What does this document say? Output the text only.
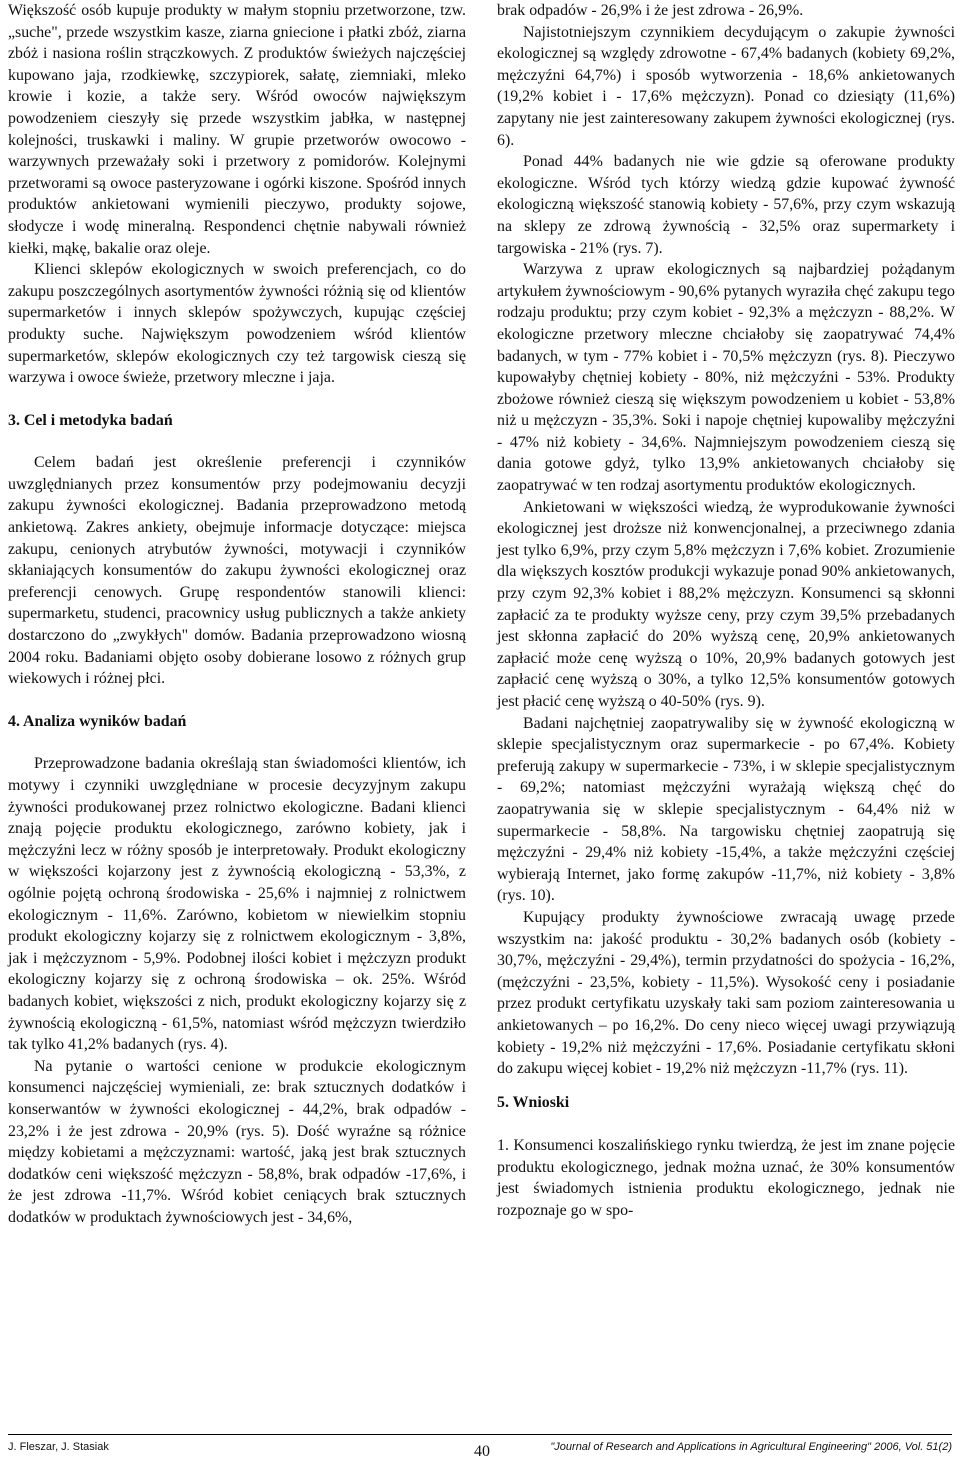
Większość osób kupuje produkty w małym stopniu przetworzone, tzw. „suche", przede wszystkim kasze, ziarna gniecione i płatki zbóż, ziarna zbóż i nasiona roślin strączkowych. Z produktów świeżych najczęściej kupowano jaja, rzodkiewkę, szczypiorek, sałatę, ziemniaki, mleko krowie i kozie, a także sery. Wśród owoców największym powodzeniem cieszyły się przede wszystkim jabłka, w następnej kolejności, truskawki i maliny. W grupie przetworów owocowo - warzywnych przeważały soki i przetwory z pomidorów. Kolejnymi przetworami są owoce pasteryzowane i ogórki kiszone. Spośród innych produktów ankietowani wymienili pieczywo, produkty sojowe, słodycze i wodę mineralną. Respondenci chętnie nabywali również kiełki, mąkę, bakalie oraz oleje.

Klienci sklepów ekologicznych w swoich preferencjach, co do zakupu poszczególnych asortymentów żywności różnią się od klientów supermarketów i innych sklepów spożywczych, kupując częściej produkty suche. Największym powodzeniem wśród klientów supermarketów, sklepów ekologicznych czy też targowisk cieszą się warzywa i owoce świeże, przetwory mleczne i jaja.

3. Cel i metodyka badań

Celem badań jest określenie preferencji i czynników uwzględnianych przez konsumentów przy podejmowaniu decyzji zakupu żywności ekologicznej. Badania przeprowadzono metodą ankietową. Zakres ankiety, obejmuje informacje dotyczące: miejsca zakupu, cenionych atrybutów żywności, motywacji i czynników skłaniających konsumentów do zakupu żywności ekologicznej oraz preferencji cenowych. Grupę respondentów stanowili klienci: supermarketu, studenci, pracownicy usług publicznych a także ankiety dostarczono do „zwykłych" domów. Badania przeprowadzono wiosną 2004 roku. Badaniami objęto osoby dobierane losowo z różnych grup wiekowych i różnej płci.

4. Analiza wyników badań

Przeprowadzone badania określają stan świadomości klientów, ich motywy i czynniki uwzględniane w procesie decyzyjnym zakupu żywności produkowanej przez rolnictwo ekologiczne. Badani klienci znają pojęcie produktu ekologicznego, zarówno kobiety, jak i mężczyźni lecz w różny sposób je interpretowały. Produkt ekologiczny w większości kojarzony jest z żywnością ekologiczną - 53,3%, z ogólnie pojętą ochroną środowiska - 25,6% i najmniej z rolnictwem ekologicznym - 11,6%. Zarówno, kobietom w niewielkim stopniu produkt ekologiczny kojarzy się z rolnictwem ekologicznym - 3,8%, jak i mężczyznom - 5,9%. Podobnej ilości kobiet i mężczyzn produkt ekologiczny kojarzy się z ochroną środowiska – ok. 25%. Wśród badanych kobiet, większości z nich, produkt ekologiczny kojarzy się z żywnością ekologiczną - 61,5%, natomiast wśród mężczyzn twierdziło tak tylko 41,2% badanych (rys. 4).

Na pytanie o wartości cenione w produkcie ekologicznym konsumenci najczęściej wymieniali, ze: brak sztucznych dodatków i konserwantów w żywności ekologicznej - 44,2%, brak odpadów - 23,2% i że jest zdrowa - 20,9% (rys. 5). Dość wyraźne są różnice między kobietami a mężczyznami: wartość, jaką jest brak sztucznych dodatków ceni większość mężczyzn - 58,8%, brak odpadów -17,6%, i że jest zdrowa -11,7%. Wśród kobiet ceniących brak sztucznych dodatków w produktach żywnościowych jest - 34,6%,

brak odpadów - 26,9% i że jest zdrowa - 26,9%.

Najistotniejszym czynnikiem decydującym o zakupie żywności ekologicznej są względy zdrowotne - 67,4% badanych (kobiety 69,2%, mężczyźni 64,7%) i sposób wytworzenia - 18,6% ankietowanych (19,2% kobiet i - 17,6% mężczyzn). Ponad co dziesiąty (11,6%) zapytany nie jest zainteresowany zakupem żywności ekologicznej (rys. 6).

Ponad 44% badanych nie wie gdzie są oferowane produkty ekologiczne. Wśród tych którzy wiedzą gdzie kupować żywność ekologiczną większość stanowią kobiety - 57,6%, przy czym wskazują na sklepy ze zdrową żywnością - 32,5% oraz supermarkety i targowiska - 21% (rys. 7).

Warzywa z upraw ekologicznych są najbardziej pożądanym artykułem żywnościowym - 90,6% pytanych wyraziła chęć zakupu tego rodzaju produktu; przy czym kobiet - 92,3% a mężczyzn - 88,2%. W ekologiczne przetwory mleczne chciałoby się zaopatrywać 74,4% badanych, w tym - 77% kobiet i - 70,5% mężczyzn (rys. 8). Pieczywo kupowałyby chętniej kobiety - 80%, niż mężczyźni - 53%. Produkty zbożowe również cieszą się większym powodzeniem u kobiet - 53,8% niż u mężczyzn - 35,3%. Soki i napoje chętniej kupowaliby mężczyźni - 47% niż kobiety - 34,6%. Najmniejszym powodzeniem cieszą się dania gotowe gdyż, tylko 13,9% ankietowanych chciałoby się zaopatrywać w ten rodzaj asortymentu produktów ekologicznych.

Ankietowani w większości wiedzą, że wyprodukowanie żywności ekologicznej jest droższe niż konwencjonalnej, a przeciwnego zdania jest tylko 6,9%, przy czym 5,8% mężczyzn i 7,6% kobiet. Zrozumienie dla większych kosztów produkcji wykazuje ponad 90% ankietowanych, przy czym 92,3% kobiet i 88,2% mężczyzn. Konsumenci są skłonni zapłacić za te produkty wyższe ceny, przy czym 39,5% przebadanych jest skłonna zapłacić do 20% wyższą cenę, 20,9% ankietowanych zapłacić może cenę wyższą o 10%, 20,9% badanych gotowych jest zapłacić cenę wyższą o 30%, a tylko 12,5% konsumentów gotowych jest płacić cenę wyższą o 40-50% (rys. 9).

Badani najchętniej zaopatrywaliby się w żywność ekologiczną w sklepie specjalistycznym oraz supermarkecie - po 67,4%. Kobiety preferują zakupy w supermarkecie - 73%, i w sklepie specjalistycznym - 69,2%; natomiast mężczyźni wyrażają większą chęć do zaopatrywania się w sklepie specjalistycznym - 64,4% niż w supermarkecie - 58,8%. Na targowisku chętniej zaopatrują się mężczyźni - 29,4% niż kobiety -15,4%, a także mężczyźni częściej wybierają Internet, jako formę zakupów -11,7%, niż kobiety - 3,8% (rys. 10).

Kupujący produkty żywnościowe zwracają uwagę przede wszystkim na: jakość produktu - 30,2% badanych osób (kobiety - 30,7%, mężczyźni - 29,4%), termin przydatności do spożycia - 16,2%, (mężczyźni - 23,5%, kobiety - 11,5%). Wysokość ceny i posiadanie przez produkt certyfikatu uzyskały taki sam poziom zainteresowania u ankietowanych – po 16,2%. Do ceny nieco więcej uwagi przywiązują kobiety - 19,2% niż mężczyźni - 17,6%. Posiadanie certyfikatu skłoni do zakupu więcej kobiet - 19,2% niż mężczyzn -11,7% (rys. 11).

5. Wnioski

1. Konsumenci koszalińskiego rynku twierdzą, że jest im znane pojęcie produktu ekologicznego, jednak można uznać, że 30% konsumentów jest świadomych istnienia produktu ekologicznego, jednak nie rozpoznaje go w spo-

J. Fleszar, J. Stasiak	40	"Journal of Research and Applications in Agricultural Engineering" 2006, Vol. 51(2)
